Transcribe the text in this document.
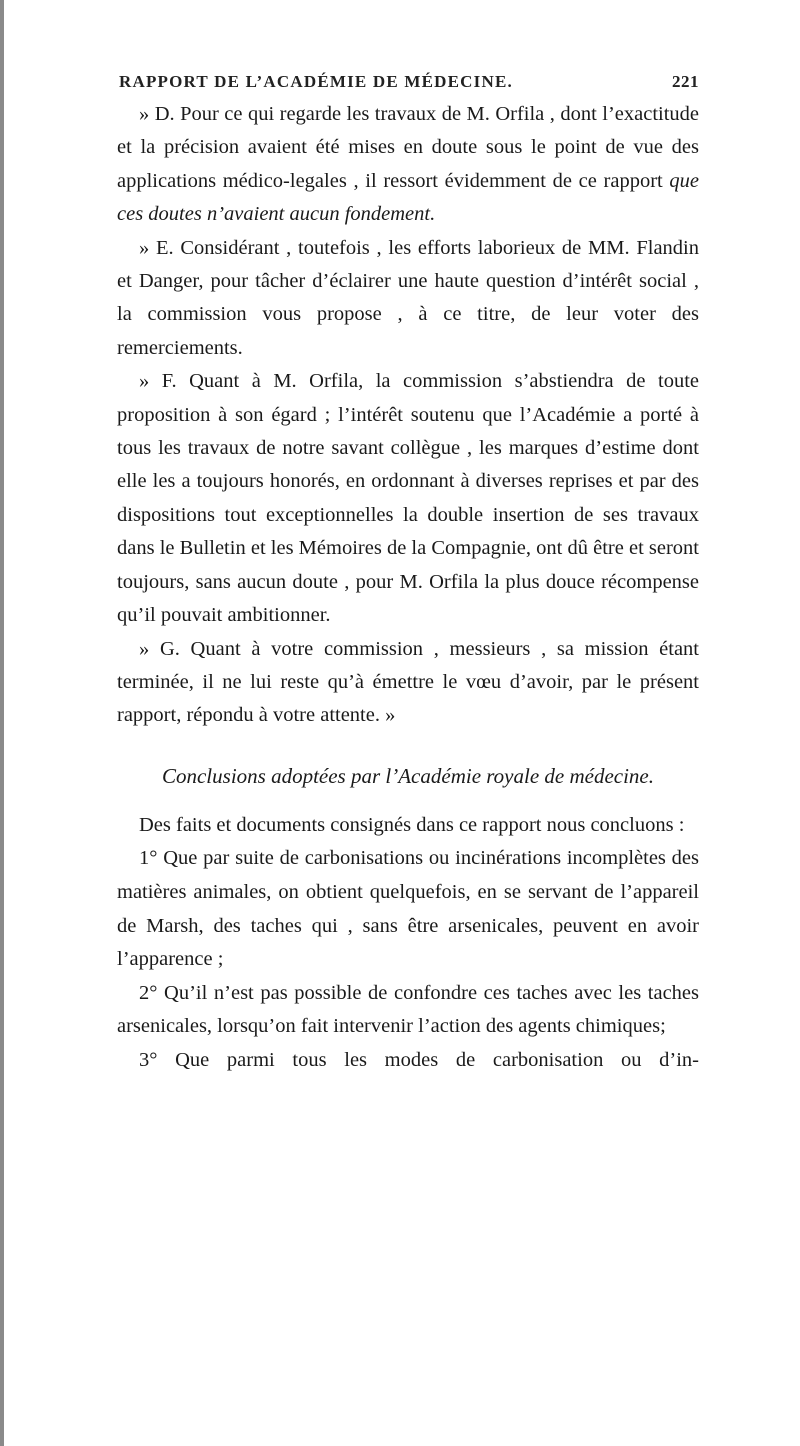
RAPPORT DE L’ACADÉMIE DE MÉDECINE.	221

» D. Pour ce qui regarde les travaux de M. Orfila , dont l’exactitude et la précision avaient été mises en doute sous le point de vue des applications médico-legales , il ressort évidemment de ce rapport que ces doutes n’avaient aucun fondement.

» E. Considérant , toutefois , les efforts laborieux de MM. Flandin et Danger, pour tâcher d’éclairer une haute question d’intérêt social , la commission vous propose , à ce titre, de leur voter des remerciements.

» F. Quant à M. Orfila, la commission s’abstiendra de toute proposition à son égard ; l’intérêt soutenu que l’Académie a porté à tous les travaux de notre savant collègue , les marques d’estime dont elle les a toujours honorés, en ordonnant à diverses reprises et par des dispositions tout exceptionnelles la double insertion de ses travaux dans le Bulletin et les Mémoires de la Compagnie, ont dû être et seront toujours, sans aucun doute , pour M. Orfila la plus douce récompense qu’il pouvait ambitionner.

» G. Quant à votre commission , messieurs , sa mission étant terminée, il ne lui reste qu’à émettre le vœu d’avoir, par le présent rapport, répondu à votre attente. »

Conclusions adoptées par l’Académie royale de médecine.

Des faits et documents consignés dans ce rapport nous concluons :

1° Que par suite de carbonisations ou incinérations incomplètes des matières animales, on obtient quelquefois, en se servant de l’appareil de Marsh, des taches qui , sans être arsenicales, peuvent en avoir l’apparence ;

2° Qu’il n’est pas possible de confondre ces taches avec les taches arsenicales, lorsqu’on fait intervenir l’action des agents chimiques;

3° Que parmi tous les modes de carbonisation ou d’in-
